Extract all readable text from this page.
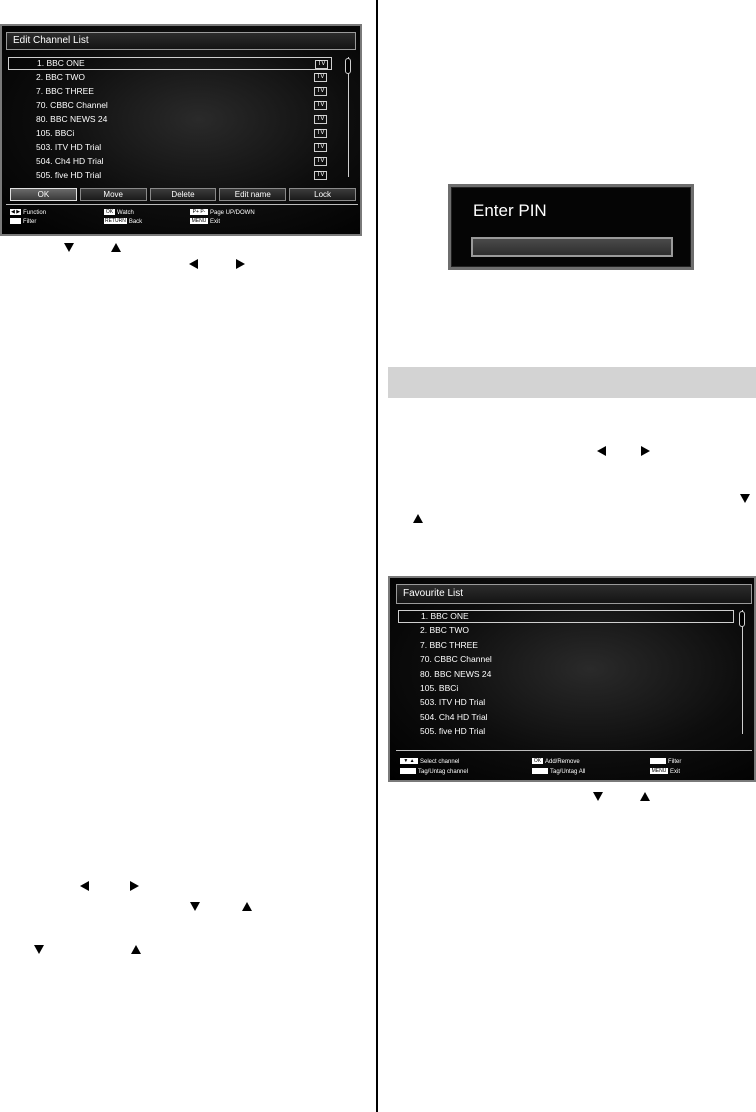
Edit Channel List
1. BBC ONE	TV
2. BBC TWO	TV
7. BBC THREE	TV
70. CBBC Channel	TV
80. BBC NEWS 24	TV
105. BBCi	TV
503. ITV HD Trial	TV
504. Ch4 HD Trial	TV
505. five HD Trial	TV
OK	Move	Delete	Edit name	Lock
◀ ▶ Function
Filter
OK Watch
RETURN Back
P+ P- Page UP/DOWN
MENU Exit
Enter PIN
Favourite List
1. BBC ONE
2. BBC TWO
7. BBC THREE
70. CBBC Channel
80. BBC NEWS 24
105. BBCi
503. ITV HD Trial
504. Ch4 HD Trial
505. five HD Trial
▼ ▲ Select channel
Tag/Untag channel
OK Add/Remove
Tag/Untag All
Filter
MENU Exit
